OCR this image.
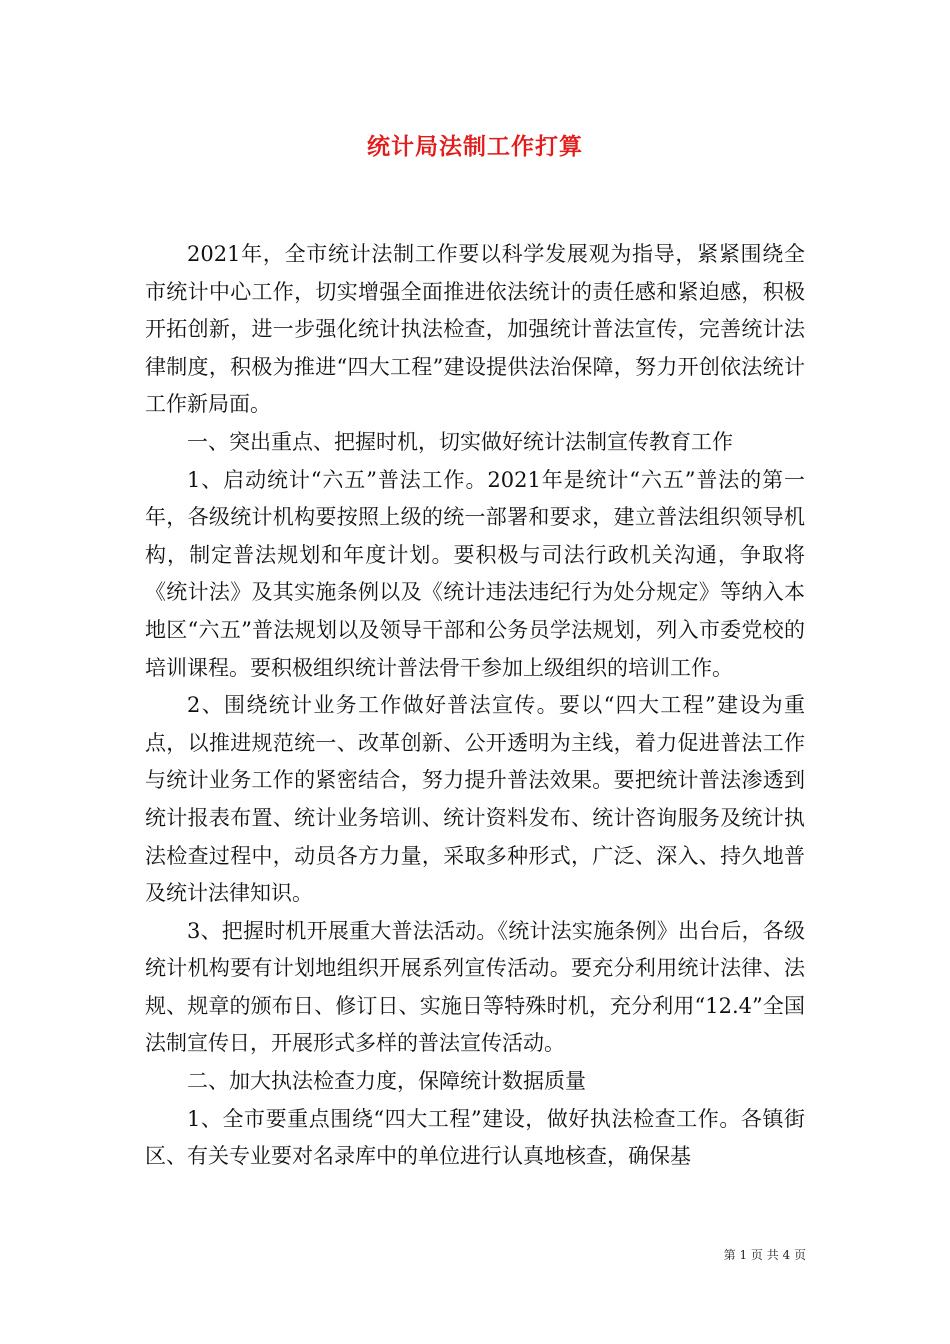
统计局法制工作打算

2021年，全市统计法制工作要以科学发展观为指导，紧紧围绕全市统计中心工作，切实增强全面推进依法统计的责任感和紧迫感，积极开拓创新，进一步强化统计执法检查，加强统计普法宣传，完善统计法律制度，积极为推进“四大工程”建设提供法治保障，努力开创依法统计工作新局面。

一、突出重点、把握时机，切实做好统计法制宣传教育工作

1、启动统计“六五”普法工作。2021年是统计“六五”普法的第一年，各级统计机构要按照上级的统一部署和要求，建立普法组织领导机构，制定普法规划和年度计划。要积极与司法行政机关沟通，争取将《统计法》及其实施条例以及《统计违法违纪行为处分规定》等纳入本地区“六五”普法规划以及领导干部和公务员学法规划，列入市委党校的培训课程。要积极组织统计普法骨干参加上级组织的培训工作。

2、围绕统计业务工作做好普法宣传。要以“四大工程”建设为重点，以推进规范统一、改革创新、公开透明为主线，着力促进普法工作与统计业务工作的紧密结合，努力提升普法效果。要把统计普法渗透到统计报表布置、统计业务培训、统计资料发布、统计咨询服务及统计执法检查过程中，动员各方力量，采取多种形式，广泛、深入、持久地普及统计法律知识。

3、把握时机开展重大普法活动。《统计法实施条例》出台后，各级统计机构要有计划地组织开展系列宣传活动。要充分利用统计法律、法规、规章的颁布日、修订日、实施日等特殊时机，充分利用“12.4”全国法制宣传日，开展形式多样的普法宣传活动。

二、加大执法检查力度，保障统计数据质量

1、全市要重点围绕“四大工程”建设，做好执法检查工作。各镇街区、有关专业要对名录库中的单位进行认真地核查，确保基

第 1 页 共 4 页
